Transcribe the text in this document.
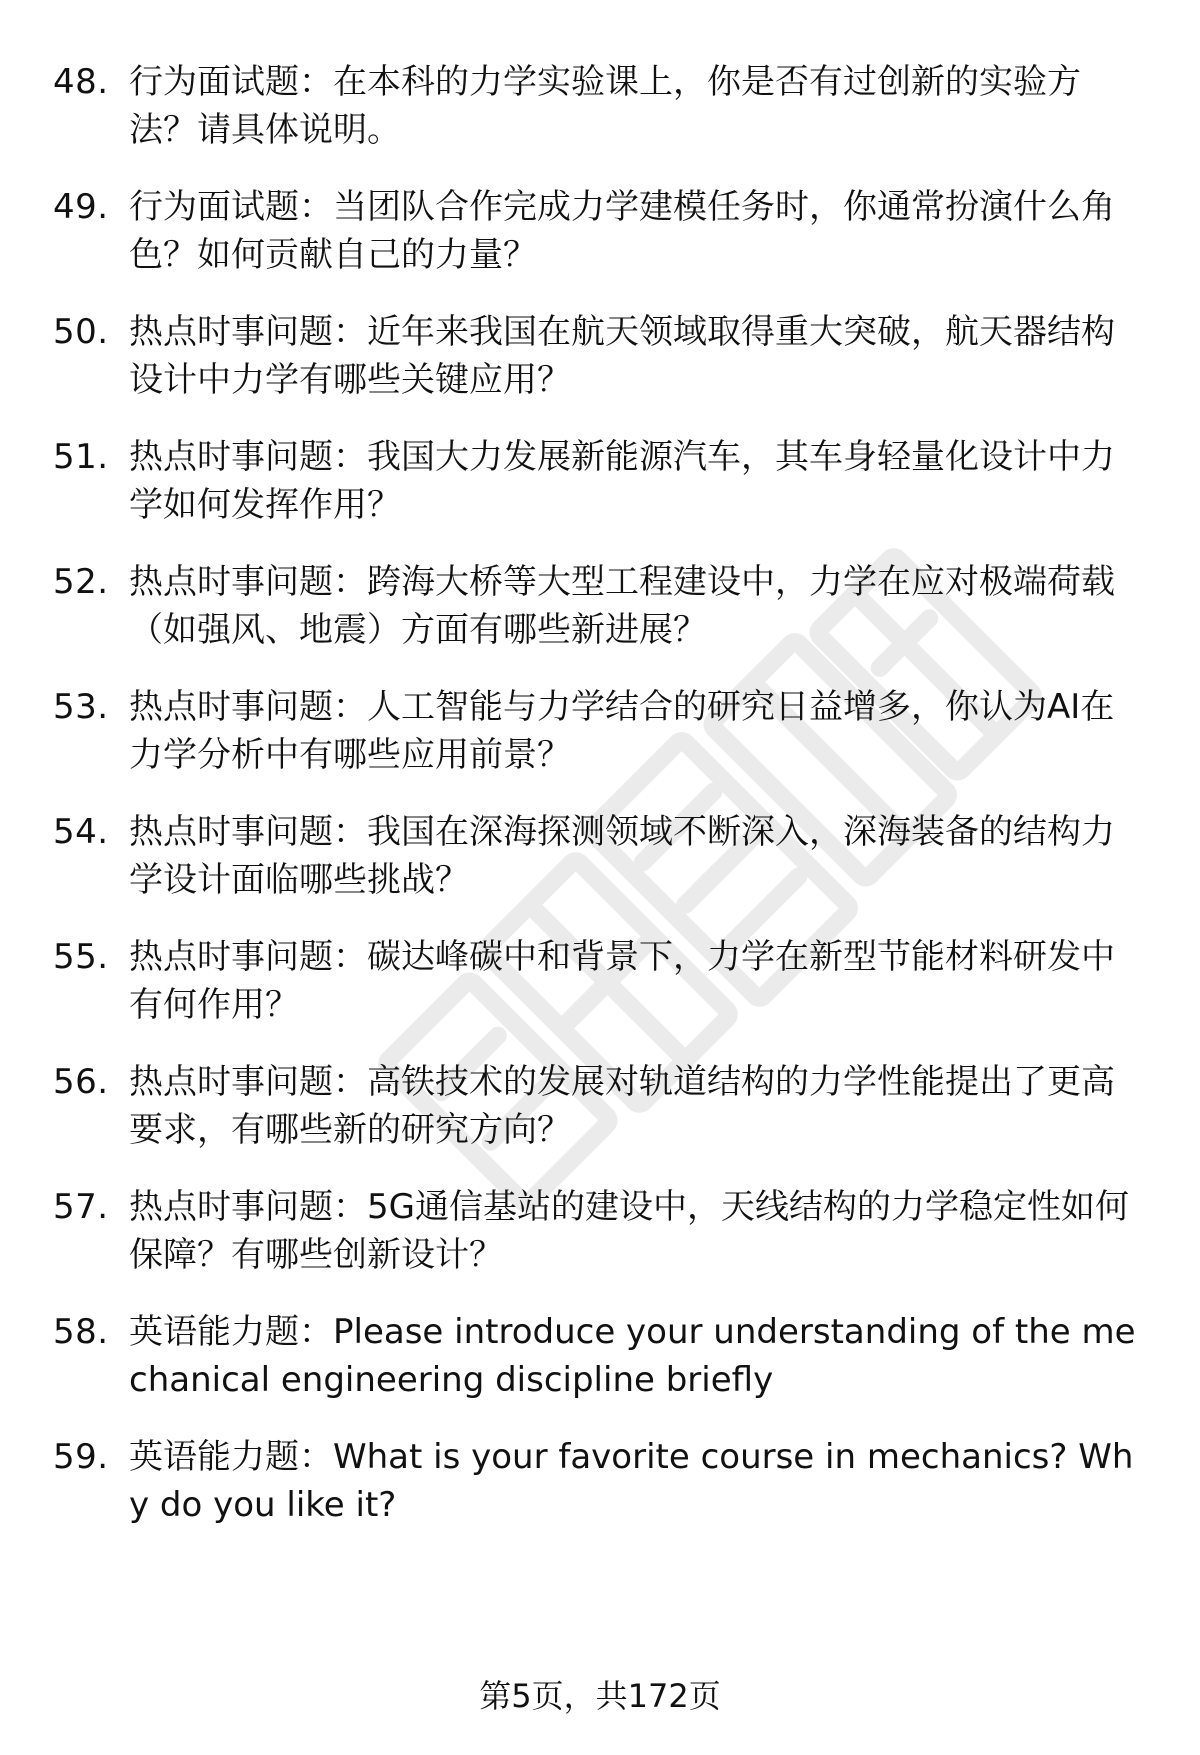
48. 行为面试题：在本科的力学实验课上，你是否有过创新的实验方法？请具体说明。
49. 行为面试题：当团队合作完成力学建模任务时，你通常扮演什么角色？如何贡献自己的力量？
50. 热点时事问题：近年来我国在航天领域取得重大突破，航天器结构设计中力学有哪些关键应用？
51. 热点时事问题：我国大力发展新能源汽车，其车身轻量化设计中力学如何发挥作用？
52. 热点时事问题：跨海大桥等大型工程建设中，力学在应对极端荷载（如强风、地震）方面有哪些新进展？
53. 热点时事问题：人工智能与力学结合的研究日益增多，你认为AI在力学分析中有哪些应用前景？
54. 热点时事问题：我国在深海探测领域不断深入，深海装备的结构力学设计面临哪些挑战？
55. 热点时事问题：碳达峰碳中和背景下，力学在新型节能材料研发中有何作用？
56. 热点时事问题：高铁技术的发展对轨道结构的力学性能提出了更高要求，有哪些新的研究方向？
57. 热点时事问题：5G通信基站的建设中，天线结构的力学稳定性如何保障？有哪些创新设计？
58. 英语能力题：Please introduce your understanding of the mechanical engineering discipline briefly
59. 英语能力题：What is your favorite course in mechanics? Why do you like it?
第5页，共172页
